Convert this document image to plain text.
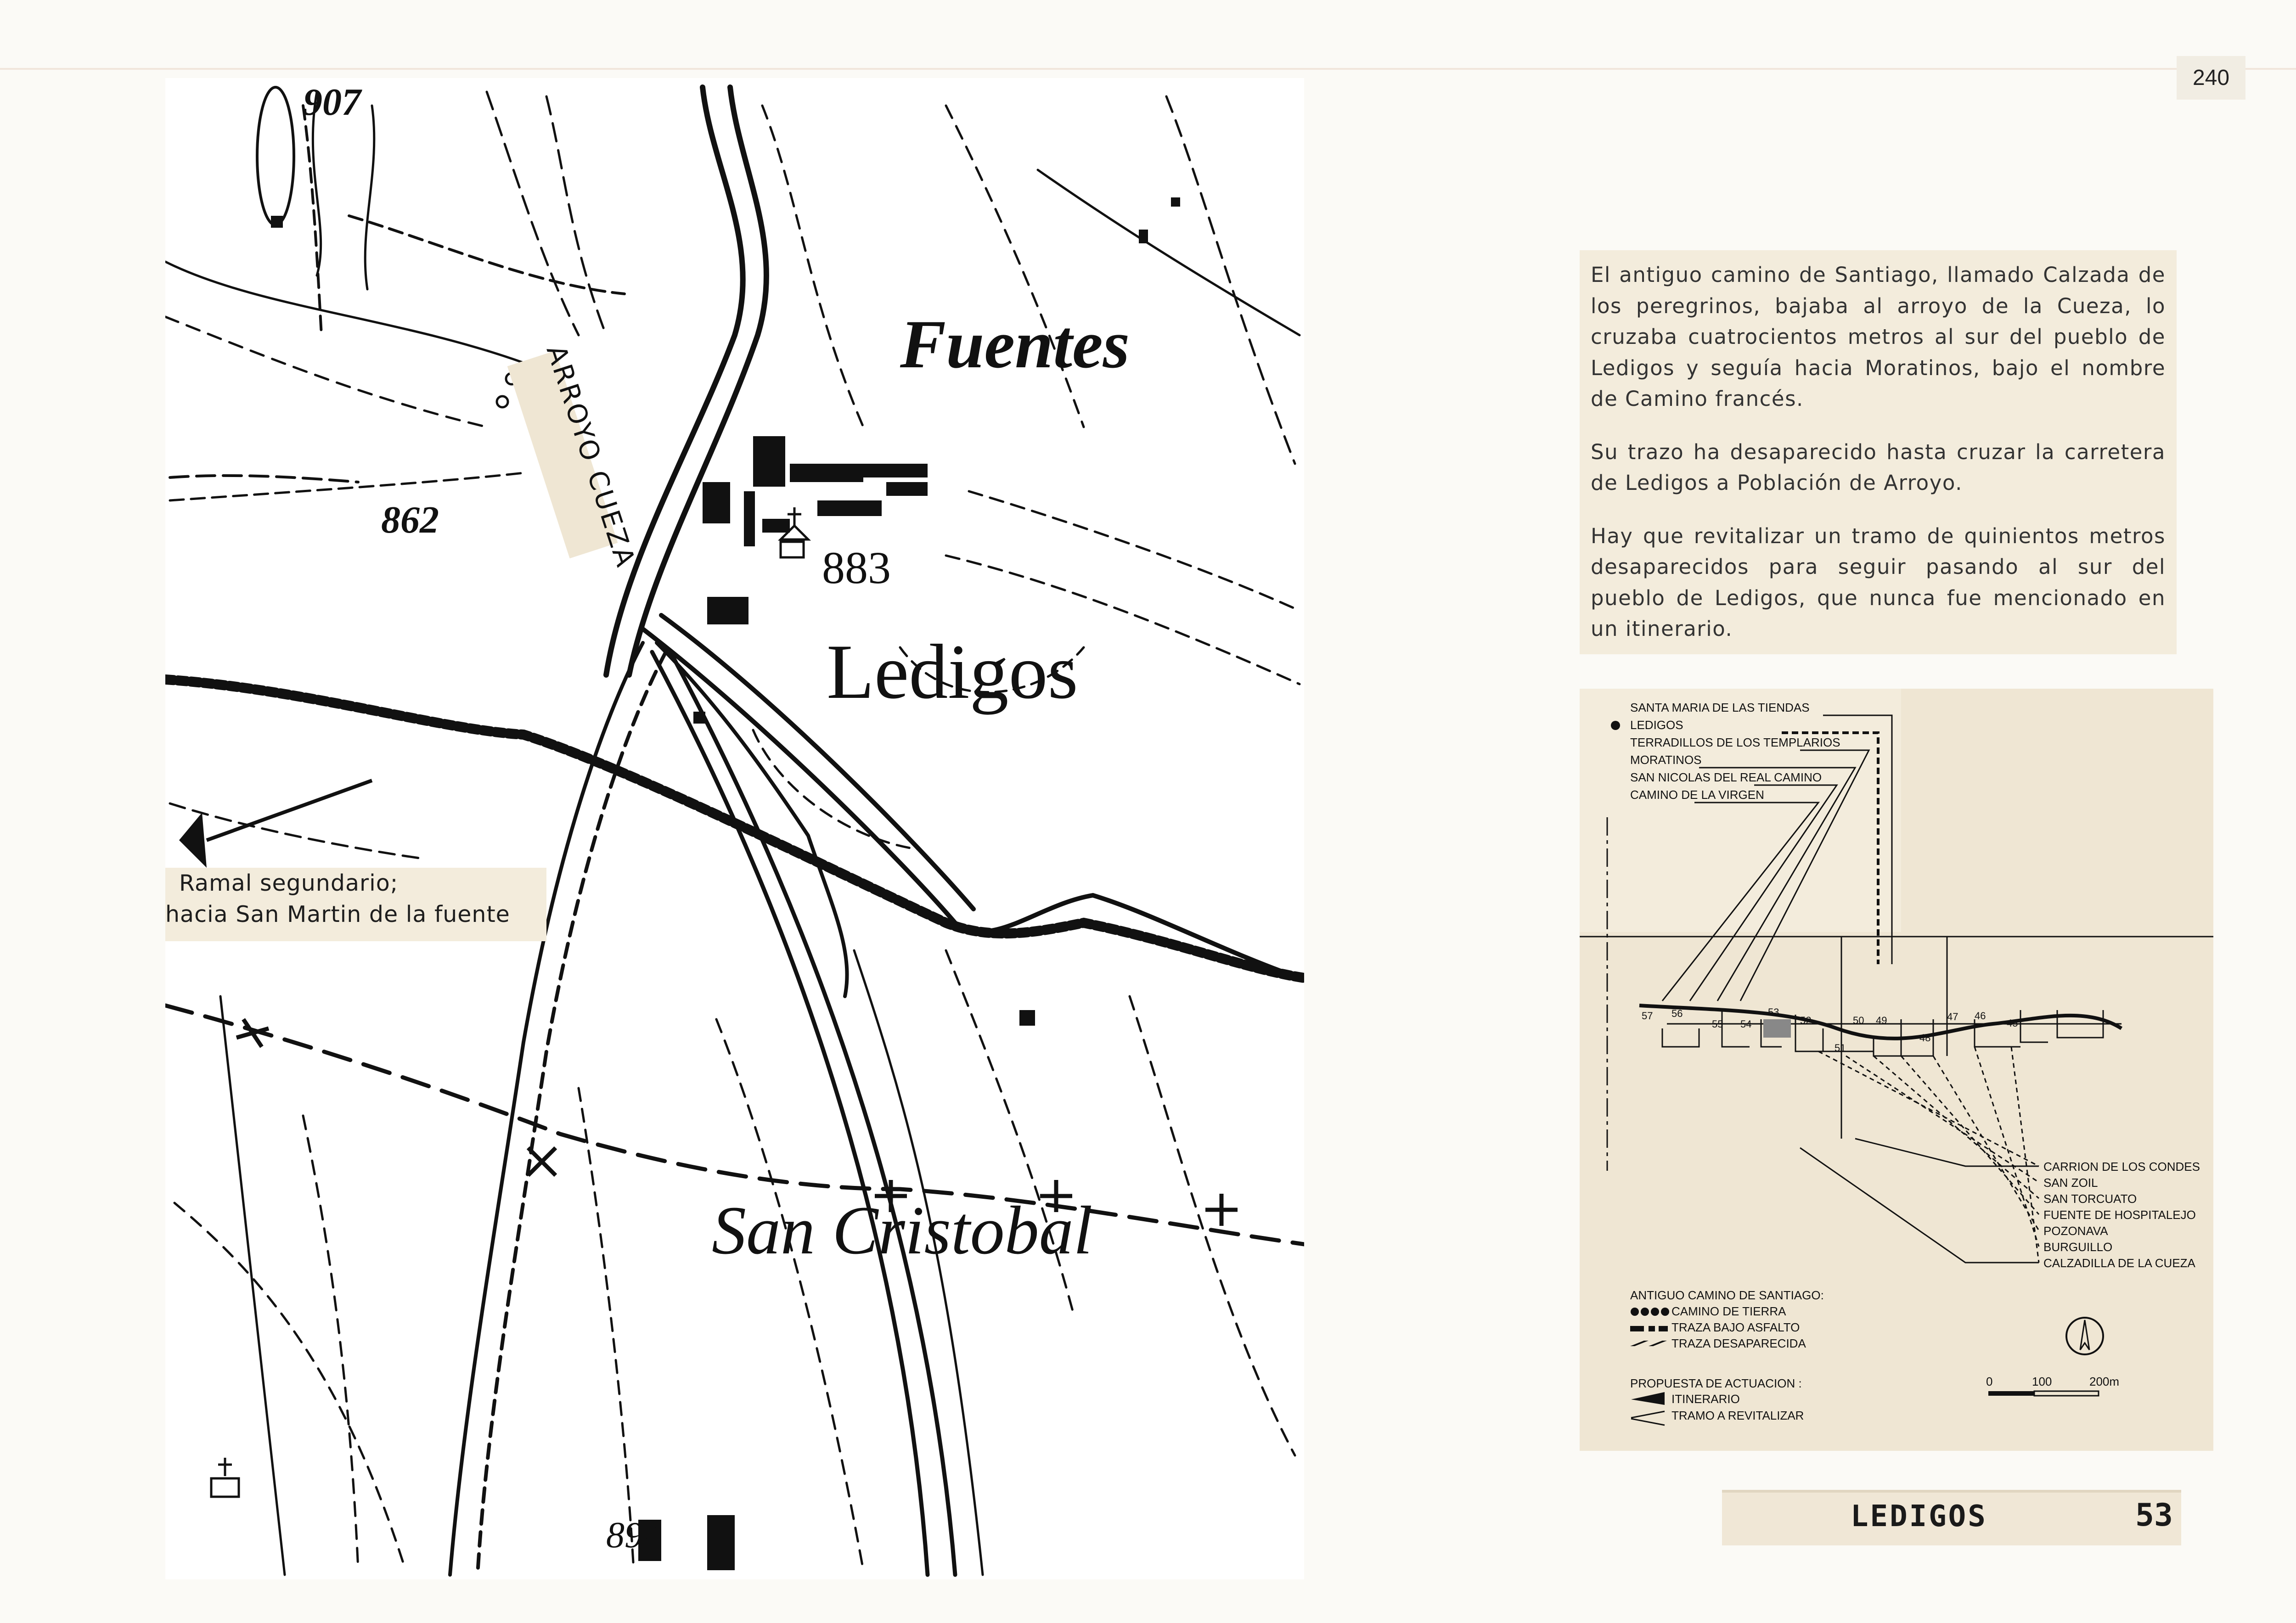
240
Fuentes
Ledigos
San Cristobal
907
862
883
894
ARROYO CUEZA
Ramal segundario;
hacia San Martin de la fuente

El antiguo camino de Santiago, llamado Calzada de los peregrinos, bajaba al arroyo de la Cueza, lo cruzaba cuatrocientos metros al sur del pueblo de Ledigos y seguía hacia Moratinos, bajo el nombre de Camino francés.

Su trazo ha desaparecido hasta cruzar la carretera de Ledigos a Población de Arroyo.

Hay que revitalizar un tramo de quinientos metros desaparecidos para seguir pasando al sur del pueblo de Ledigos, que nunca fue mencionado en un itinerario.

SANTA MARIA DE LAS TIENDAS
LEDIGOS
TERRADILLOS DE LOS TEMPLARIOS
MORATINOS
SAN NICOLAS DEL REAL CAMINO
CAMINO DE LA VIRGEN
57 56
55 54
53
52
51
50 49
48
47 46
45
CARRION DE LOS CONDES
SAN ZOIL
SAN TORCUATO
FUENTE DE HOSPITALEJO
POZONAVA
BURGUILLO
CALZADILLA DE LA CUEZA
ANTIGUO CAMINO DE SANTIAGO:
CAMINO DE TIERRA
TRAZA BAJO ASFALTO
TRAZA DESAPARECIDA
PROPUESTA DE ACTUACION :
ITINERARIO
TRAMO A REVITALIZAR
0	100	200m
LEDIGOS	53
